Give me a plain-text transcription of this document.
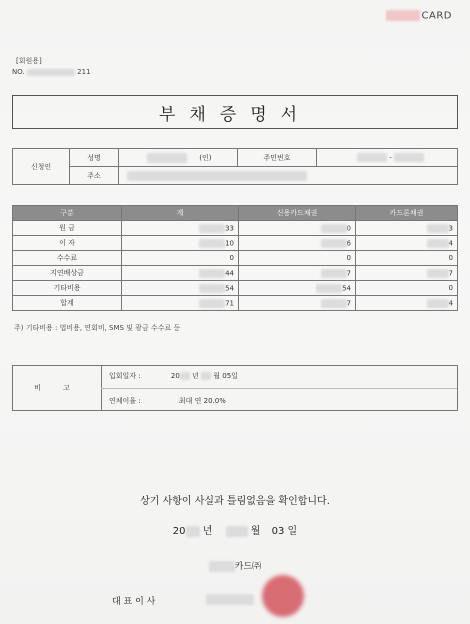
CARD
[회원용]
NO.	211
부채증명서
신청인	성명	(인)	주민번호	-
	주소			
구분	계	신용카드채권	카드론채권
원 금	33	0	3
이 자	10	6	4
수수료	0	0	0
지연배상금	44	7	7
기타비용	54	54	0
합계	71	7	4
주) 기타비용 : 법비용, 연회비, SMS 및 광금 수수료 등
비 고
입회일자 :	20 년 월 05일
연체이율 :	최대 연 20.0%
상기 사항이 사실과 틀림없음을 확인합니다.
20 년	월 03 일
카드㈜
대 표 이 사
